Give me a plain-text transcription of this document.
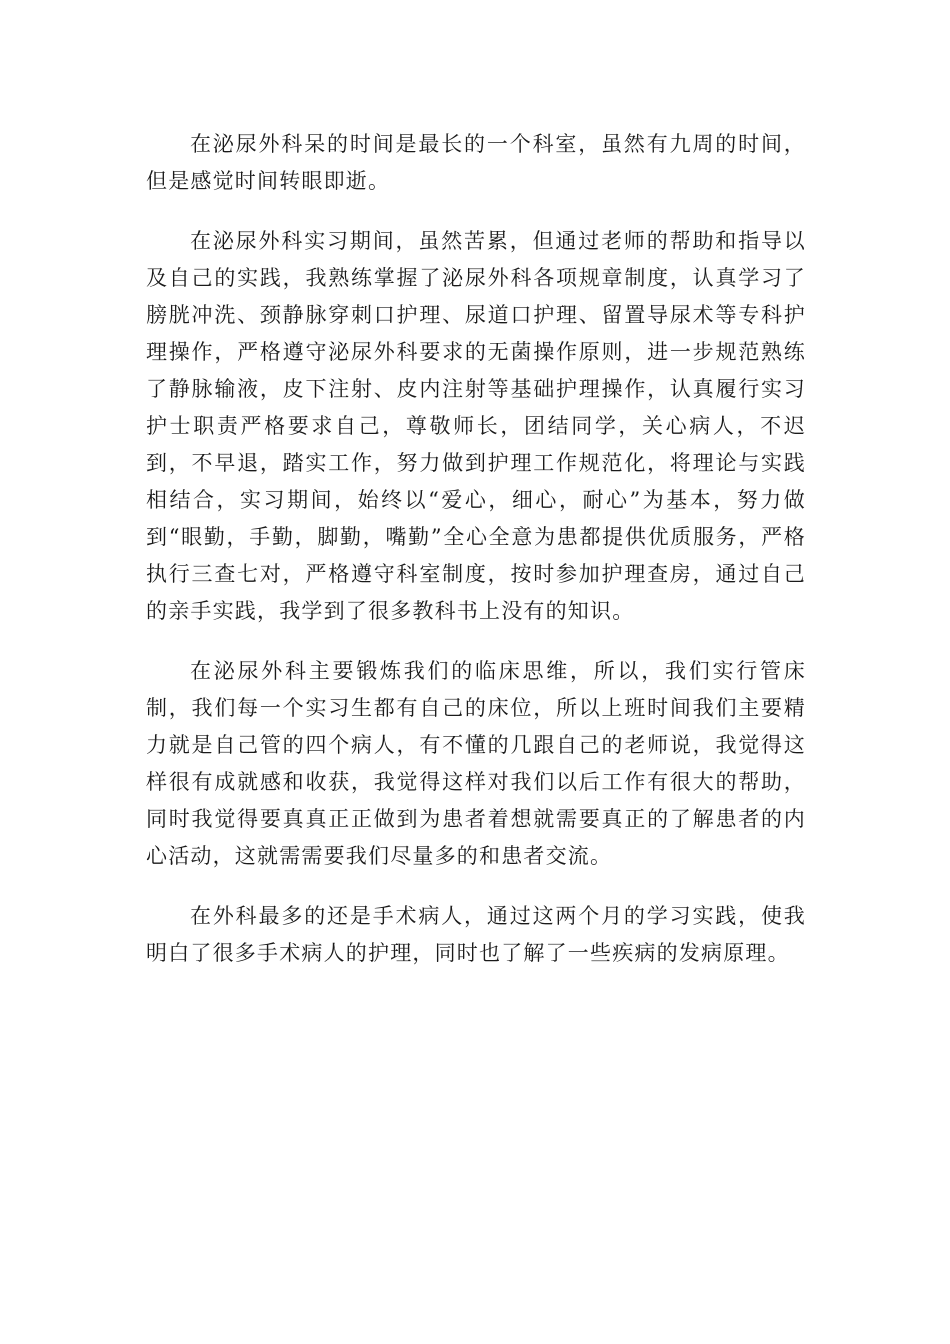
在泌尿外科呆的时间是最长的一个科室，虽然有九周的时间，但是感觉时间转眼即逝。

在泌尿外科实习期间，虽然苦累，但通过老师的帮助和指导以及自己的实践，我熟练掌握了泌尿外科各项规章制度，认真学习了膀胱冲洗、颈静脉穿刺口护理、尿道口护理、留置导尿术等专科护理操作，严格遵守泌尿外科要求的无菌操作原则，进一步规范熟练了静脉输液，皮下注射、皮内注射等基础护理操作，认真履行实习护士职责严格要求自己，尊敬师长，团结同学，关心病人，不迟到，不早退，踏实工作，努力做到护理工作规范化，将理论与实践相结合，实习期间，始终以“爱心，细心，耐心”为基本，努力做到“眼勤，手勤，脚勤，嘴勤”全心全意为患都提供优质服务，严格执行三查七对，严格遵守科室制度，按时参加护理查房，通过自己的亲手实践，我学到了很多教科书上没有的知识。

在泌尿外科主要锻炼我们的临床思维，所以，我们实行管床制，我们每一个实习生都有自己的床位，所以上班时间我们主要精力就是自己管的四个病人，有不懂的几跟自己的老师说，我觉得这样很有成就感和收获，我觉得这样对我们以后工作有很大的帮助，同时我觉得要真真正正做到为患者着想就需要真正的了解患者的内心活动，这就需需要我们尽量多的和患者交流。

在外科最多的还是手术病人，通过这两个月的学习实践，使我明白了很多手术病人的护理，同时也了解了一些疾病的发病原理。
